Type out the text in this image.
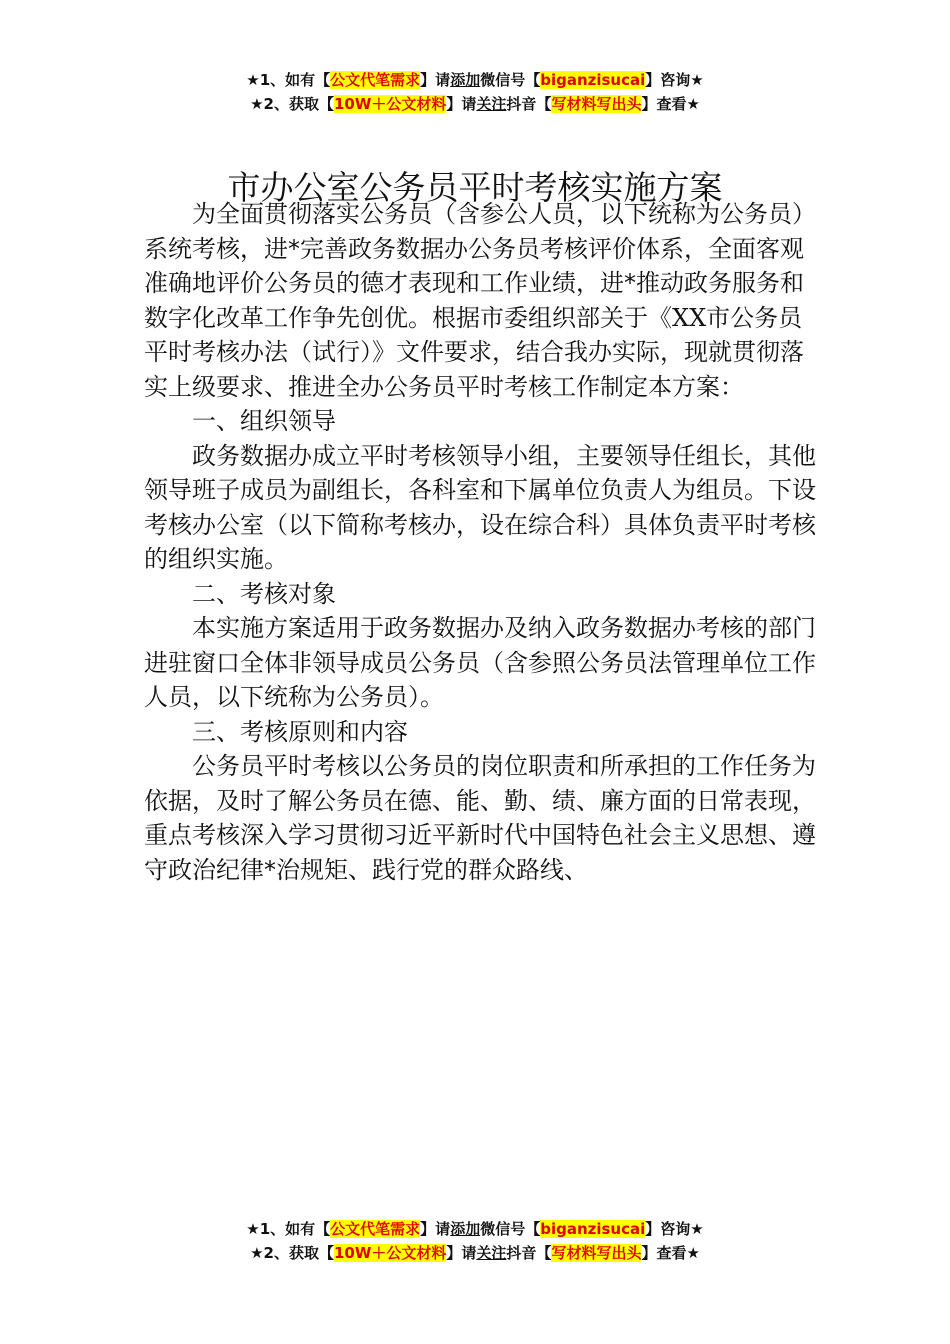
★1、如有【公文代笔需求】请添加微信号【biganzisucai】咨询★
★2、获取【10W＋公文材料】请关注抖音【写材料写出头】查看★
市办公室公务员平时考核实施方案

为全面贯彻落实公务员（含参公人员，以下统称为公务员）系统考核，进*完善政务数据办公务员考核评价体系，全面客观准确地评价公务员的德才表现和工作业绩，进*推动政务服务和数字化改革工作争先创优。根据市委组织部关于《XX市公务员平时考核办法（试行）》文件要求，结合我办实际，现就贯彻落实上级要求、推进全办公务员平时考核工作制定本方案：

一、组织领导

政务数据办成立平时考核领导小组，主要领导任组长，其他领导班子成员为副组长，各科室和下属单位负责人为组员。下设考核办公室（以下简称考核办，设在综合科）具体负责平时考核的组织实施。

二、考核对象

本实施方案适用于政务数据办及纳入政务数据办考核的部门进驻窗口全体非领导成员公务员（含参照公务员法管理单位工作人员，以下统称为公务员）。

三、考核原则和内容

公务员平时考核以公务员的岗位职责和所承担的工作任务为依据，及时了解公务员在德、能、勤、绩、廉方面的日常表现，重点考核深入学习贯彻习近平新时代中国特色社会主义思想、遵守政治纪律*治规矩、践行党的群众路线、

★1、如有【公文代笔需求】请添加微信号【biganzisucai】咨询★
★2、获取【10W＋公文材料】请关注抖音【写材料写出头】查看★
